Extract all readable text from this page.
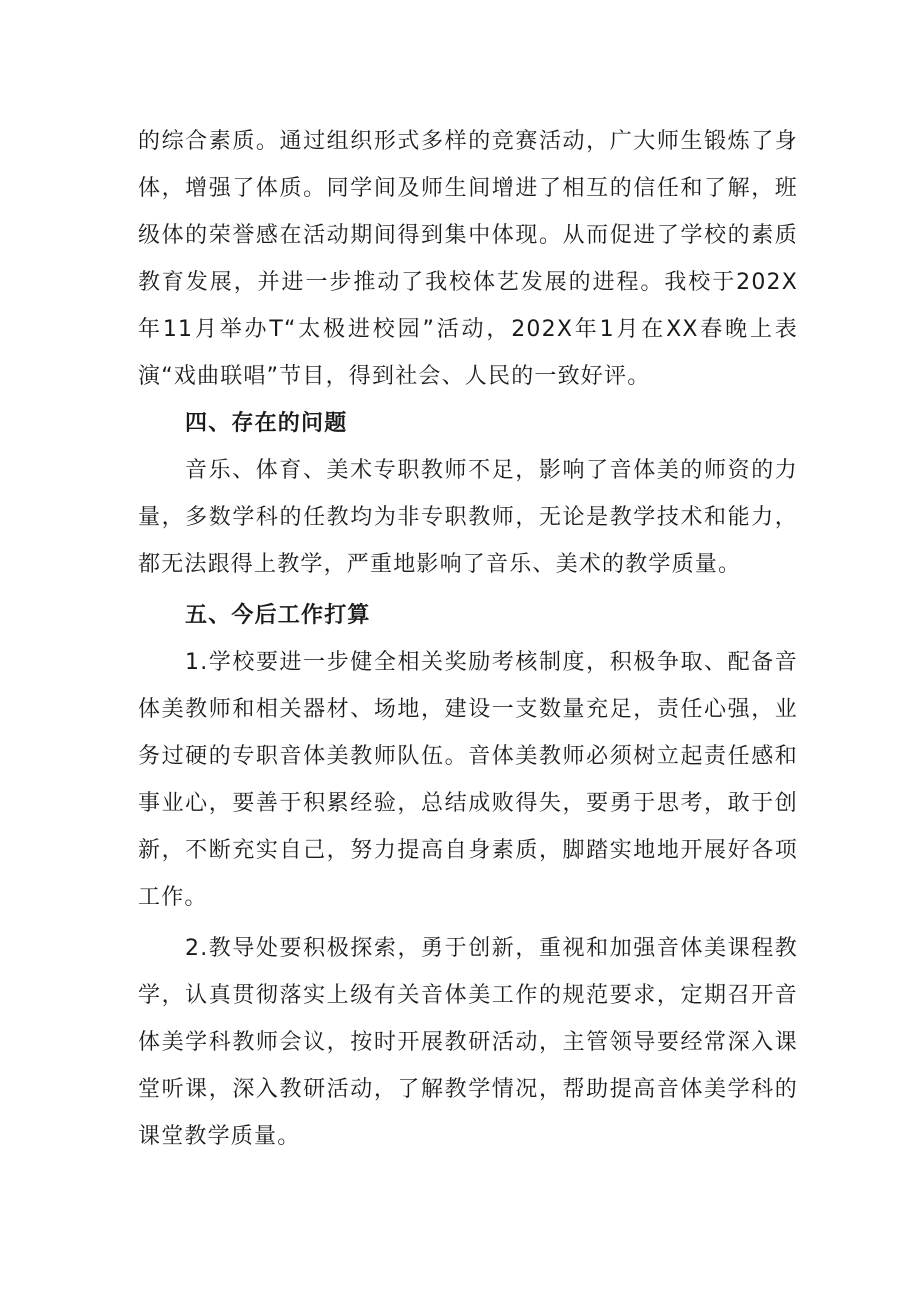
的综合素质。通过组织形式多样的竞赛活动，广大师生锻炼了身体，增强了体质。同学间及师生间增进了相互的信任和了解，班级体的荣誉感在活动期间得到集中体现。从而促进了学校的素质教育发展，并进一步推动了我校体艺发展的进程。我校于202X年11月举办T“太极进校园”活动，202X年1月在XX春晚上表演“戏曲联唱”节目，得到社会、人民的一致好评。

四、存在的问题

音乐、体育、美术专职教师不足，影响了音体美的师资的力量，多数学科的任教均为非专职教师，无论是教学技术和能力，都无法跟得上教学，严重地影响了音乐、美术的教学质量。

五、今后工作打算

1.学校要进一步健全相关奖励考核制度，积极争取、配备音体美教师和相关器材、场地，建设一支数量充足，责任心强，业务过硬的专职音体美教师队伍。音体美教师必须树立起责任感和事业心，要善于积累经验，总结成败得失，要勇于思考，敢于创新，不断充实自己，努力提高自身素质，脚踏实地地开展好各项工作。

2.教导处要积极探索，勇于创新，重视和加强音体美课程教学，认真贯彻落实上级有关音体美工作的规范要求，定期召开音体美学科教师会议，按时开展教研活动，主管领导要经常深入课堂听课，深入教研活动，了解教学情况，帮助提高音体美学科的课堂教学质量。
